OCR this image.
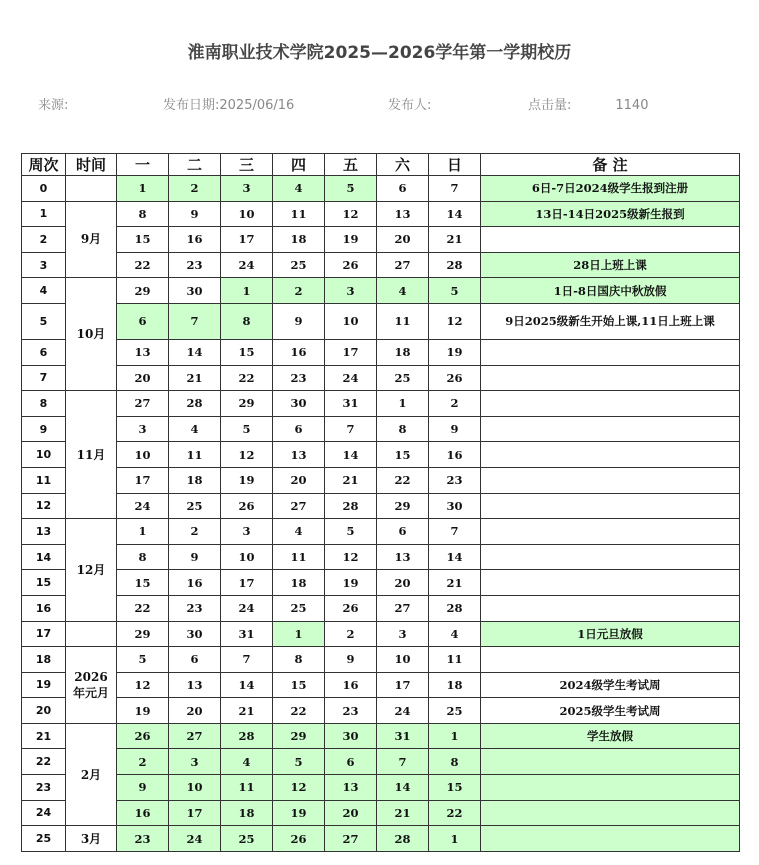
淮南职业技术学院2025—2026学年第一学期校历
来源:	发布日期:2025/06/16	发布人:	点击量:	1140
周次	时间	一	二	三	四	五	六	日	备 注
0		1	2	3	4	5	6	7	6日-7日2024级学生报到注册
1	9月	8	9	10	11	12	13	14	13日-14日2025级新生报到
2		15	16	17	18	19	20	21	
3		22	23	24	25	26	27	28	28日上班上课
4	10月	29	30	1	2	3	4	5	1日-8日国庆中秋放假
5		6	7	8	9	10	11	12	9日2025级新生开始上课,11日上班上课
6		13	14	15	16	17	18	19	
7		20	21	22	23	24	25	26	
8	11月	27	28	29	30	31	1	2	
9		3	4	5	6	7	8	9	
10		10	11	12	13	14	15	16	
11		17	18	19	20	21	22	23	
12		24	25	26	27	28	29	30	
13	12月	1	2	3	4	5	6	7	
14		8	9	10	11	12	13	14	
15		15	16	17	18	19	20	21	
16		22	23	24	25	26	27	28	
17		29	30	31	1	2	3	4	1日元旦放假
18	2026年元月	5	6	7	8	9	10	11	
19		12	13	14	15	16	17	18	2024级学生考试周
20		19	20	21	22	23	24	25	2025级学生考试周
21	2月	26	27	28	29	30	31	1	学生放假
22		2	3	4	5	6	7	8	
23		9	10	11	12	13	14	15	
24		16	17	18	19	20	21	22	
25	3月	23	24	25	26	27	28	1	
